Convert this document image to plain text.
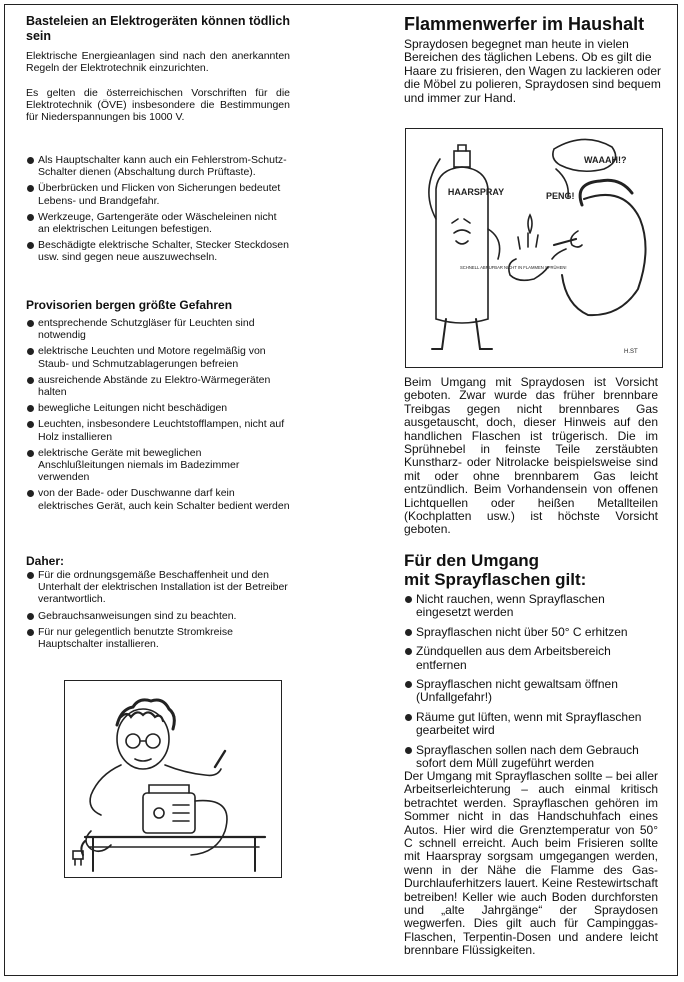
Basteleien an Elektrogeräten können tödlich sein

Elektrische Energieanlagen sind nach den anerkannten Regeln der Elektrotechnik einzurichten.

Es gelten die österreichischen Vorschriften für die Elektrotechnik (ÖVE) insbesondere die Bestimmungen für Niederspannungen bis 1000 V.

Als Hauptschalter kann auch ein Fehlerstrom-Schutz-Schalter dienen (Abschaltung durch Prüftaste).

Überbrücken und Flicken von Sicherungen bedeutet Lebens- und Brandgefahr.

Werkzeuge, Gartengeräte oder Wäscheleinen nicht an elektrischen Leitungen befestigen.

Beschädigte elektrische Schalter, Stecker Steckdosen usw. sind gegen neue auszuwechseln.

Provisorien bergen größte Gefahren

entsprechende Schutzgläser für Leuchten sind notwendig

elektrische Leuchten und Motore regelmäßig von Staub- und Schmutzablagerungen befreien

ausreichende Abstände zu Elektro-Wärmegeräten halten

bewegliche Leitungen nicht beschädigen

Leuchten, insbesondere Leuchtstofflampen, nicht auf Holz installieren

elektrische Geräte mit beweglichen Anschlußleitungen niemals im Badezimmer verwenden

von der Bade- oder Duschwanne darf kein elektrisches Gerät, auch kein Schalter bedient werden

Daher:

Für die ordnungsgemäße Beschaffenheit und den Unterhalt der elektrischen Installation ist der Betreiber verantwortlich.

Gebrauchsanweisungen sind zu beachten.

Für nur gelegentlich benutzte Stromkreise Hauptschalter installieren.

Flammenwerfer im Haushalt

Spraydosen begegnet man heute in vielen Bereichen des täglichen Lebens. Ob es gilt die Haare zu frisieren, den Wagen zu lackieren oder die Möbel zu polieren, Spraydosen sind bequem und immer zur Hand.

HAARSPRAY
SCHNELL ABRUFBAR NICHT IN FLAMMEN SPRÜHEN!
WAAAH!?
PENG!
H.ST

Beim Umgang mit Spraydosen ist Vorsicht geboten. Zwar wurde das früher brennbare Treibgas gegen nicht brennbares Gas ausgetauscht, doch, dieser Hinweis auf den handlichen Flaschen ist trügerisch. Die im Sprühnebel in feinste Teile zerstäubten Kunstharz- oder Nitrolacke beispielsweise sind mit oder ohne brennbarem Gas leicht entzündlich. Beim Vorhandensein von offenen Lichtquellen oder heißen Metallteilen (Kochplatten usw.) ist höchste Vorsicht geboten.

Für den Umgang

mit Sprayflaschen gilt:

Nicht rauchen, wenn Sprayflaschen eingesetzt werden

Sprayflaschen nicht über 50° C erhitzen

Zündquellen aus dem Arbeitsbereich entfernen

Sprayflaschen nicht gewaltsam öffnen (Unfallgefahr!)

Räume gut lüften, wenn mit Sprayflaschen gearbeitet wird

Sprayflaschen sollen nach dem Gebrauch sofort dem Müll zugeführt werden

Der Umgang mit Sprayflaschen sollte – bei aller Arbeitserleichterung – auch einmal kritisch betrachtet werden. Sprayflaschen gehören im Sommer nicht in das Handschuhfach eines Autos. Hier wird die Grenztemperatur von 50° C schnell erreicht. Auch beim Frisieren sollte mit Haarspray sorgsam umgegangen werden, wenn in der Nähe die Flamme des Gas-Durchlauferhitzers lauert. Keine Restewirtschaft betreiben! Keller wie auch Boden durchforsten und „alte Jahrgänge“ der Spraydosen wegwerfen. Dies gilt auch für Campinggas-Flaschen, Terpentin-Dosen und andere leicht brennbare Flüssigkeiten.
